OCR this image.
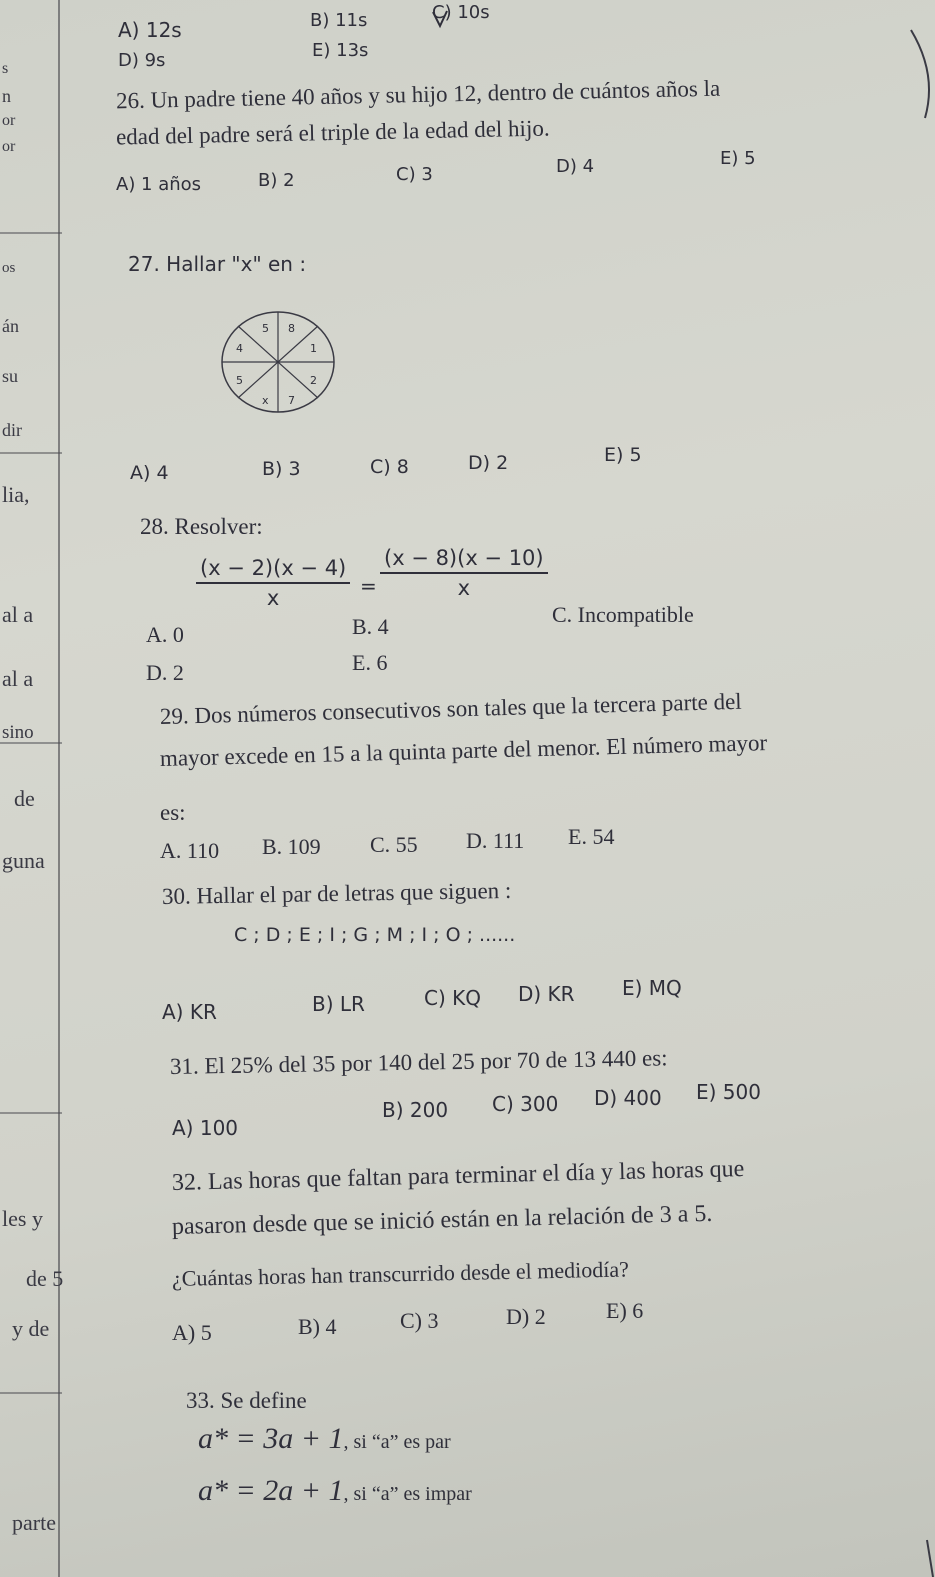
s
n
or
or
os
án
su
dir
lia,
al a
al a
sino
de
guna
les y
de 5
y de
parte
A) 12s	B) 11s	C) 10s
D) 9s	E) 13s
26. Un padre tiene 40 años y su hijo 12, dentro de cuántos años la
edad del padre será el triple de la edad del hijo.
A) 1 años	B) 2	C) 3	D) 4	E) 5
27. Hallar "x" en :
5 8
1
2
7
x
5
4
A) 4	B) 3	C) 8	D) 2	E) 5
28. Resolver:
$\frac{(x - 2)(x - 4)}{x} = \frac{(x - 8)(x - 10)}{x}$
A. 0	B. 4	C. Incompatible
D. 2	E. 6
29. Dos números consecutivos son tales que la tercera parte del
mayor excede en 15 a la quinta parte del menor. El número mayor
es:
A. 110 B. 109 C. 55 D. 111 E. 54
30. Hallar el par de letras que siguen :
C ; D ; E ; I ; G ; M ; I ; O ; ......
A) KR	B) LR	C) KQ D) KR E) MQ
31. El 25% del 35 por 140 del 25 por 70 de 13 440 es:
A) 100
B) 200 C) 300 D) 400 E) 500
32. Las horas que faltan para terminar el día y las horas que
pasaron desde que se inició están en la relación de 3 a 5.
¿Cuántas horas han transcurrido desde el mediodía?
A) 5	B) 4	C) 3	D) 2	E) 6
33. Se define
a* = 3a + 1, si “a” es par
a* = 2a + 1, si “a” es impar
